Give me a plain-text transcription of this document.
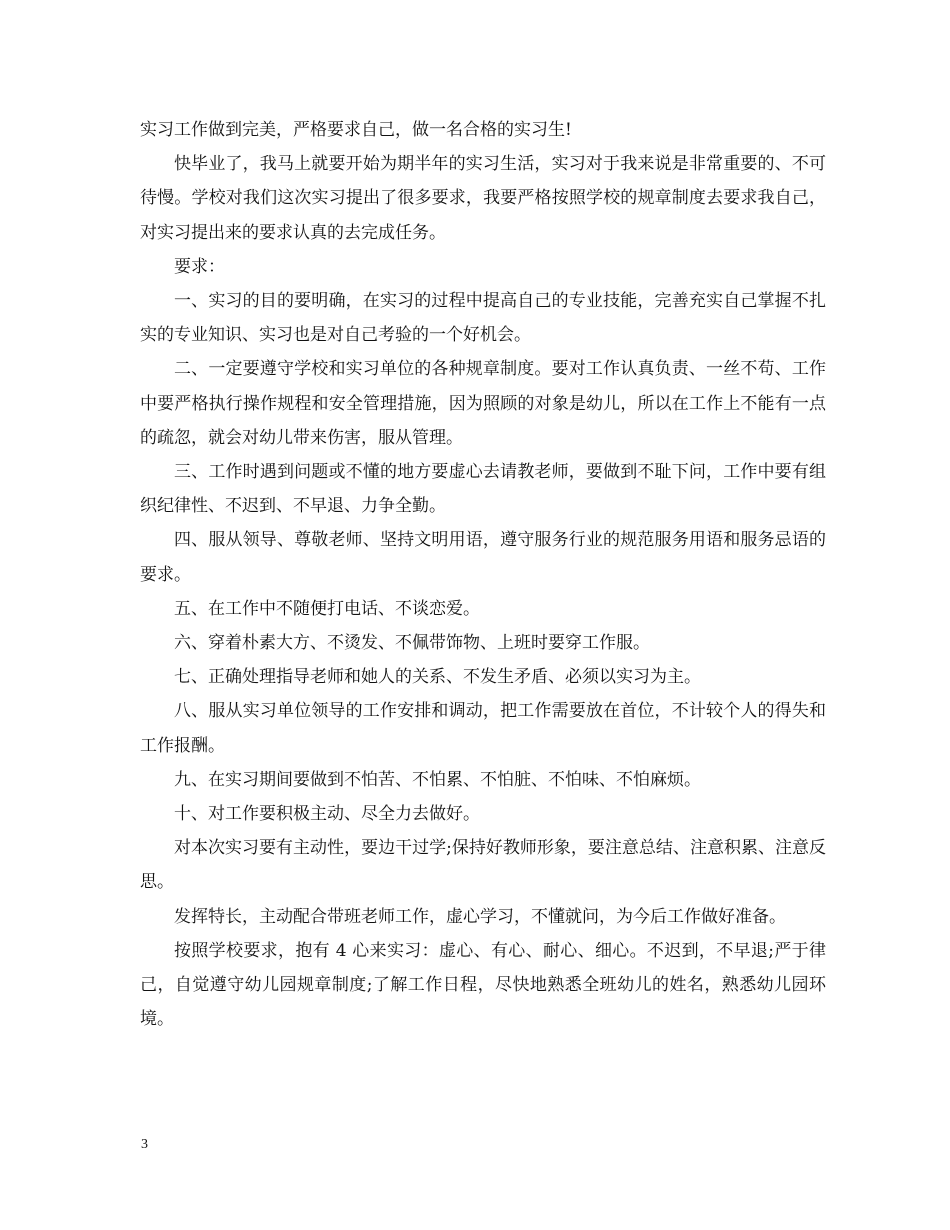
实习工作做到完美，严格要求自己，做一名合格的实习生!

快毕业了，我马上就要开始为期半年的实习生活，实习对于我来说是非常重要的、不可待慢。学校对我们这次实习提出了很多要求，我要严格按照学校的规章制度去要求我自己，对实习提出来的要求认真的去完成任务。

要求：

一、实习的目的要明确，在实习的过程中提高自己的专业技能，完善充实自己掌握不扎实的专业知识、实习也是对自己考验的一个好机会。

二、一定要遵守学校和实习单位的各种规章制度。要对工作认真负责、一丝不苟、工作中要严格执行操作规程和安全管理措施，因为照顾的对象是幼儿，所以在工作上不能有一点的疏忽，就会对幼儿带来伤害，服从管理。

三、工作时遇到问题或不懂的地方要虚心去请教老师，要做到不耻下问，工作中要有组织纪律性、不迟到、不早退、力争全勤。

四、服从领导、尊敬老师、坚持文明用语，遵守服务行业的规范服务用语和服务忌语的要求。

五、在工作中不随便打电话、不谈恋爱。

六、穿着朴素大方、不烫发、不佩带饰物、上班时要穿工作服。

七、正确处理指导老师和她人的关系、不发生矛盾、必须以实习为主。

八、服从实习单位领导的工作安排和调动，把工作需要放在首位，不计较个人的得失和工作报酬。

九、在实习期间要做到不怕苦、不怕累、不怕脏、不怕味、不怕麻烦。

十、对工作要积极主动、尽全力去做好。

对本次实习要有主动性，要边干过学;保持好教师形象，要注意总结、注意积累、注意反思。

发挥特长，主动配合带班老师工作，虚心学习，不懂就问，为今后工作做好准备。

按照学校要求，抱有 4 心来实习：虚心、有心、耐心、细心。不迟到，不早退;严于律己，自觉遵守幼儿园规章制度;了解工作日程，尽快地熟悉全班幼儿的姓名，熟悉幼儿园环境。

3
